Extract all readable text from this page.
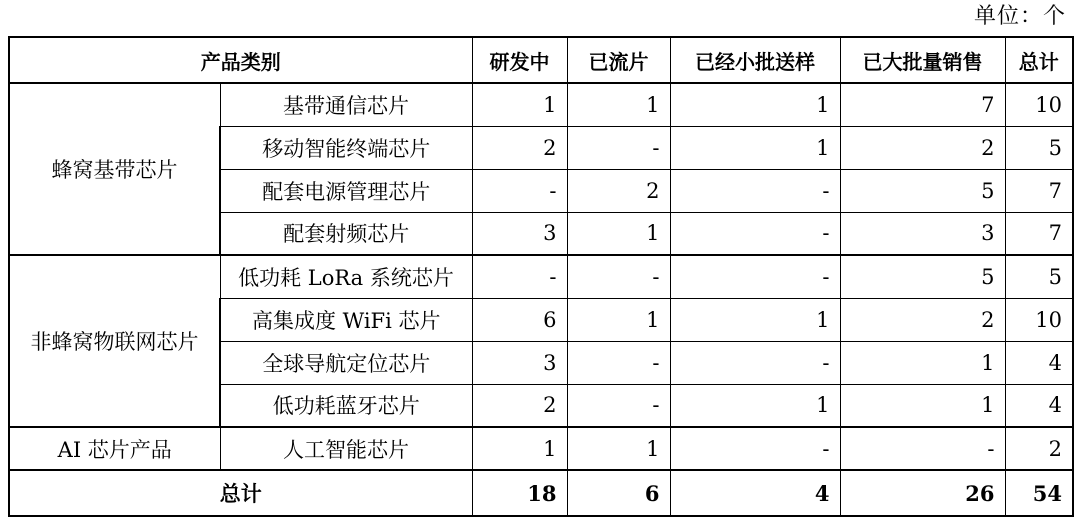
单位：个
产品类别		研发中	已流片	已经小批送样	已大批量销售	总计
蜂窝基带芯片	基带通信芯片	1	1	1	7	10
	移动智能终端芯片	2	-	1	2	5
	配套电源管理芯片	-	2	-	5	7
	配套射频芯片	3	1	-	3	7
非蜂窝物联网芯片	低功耗 LoRa 系统芯片	-	-	-	5	5
	高集成度 WiFi 芯片	6	1	1	2	10
	全球导航定位芯片	3	-	-	1	4
	低功耗蓝牙芯片	2	-	1	1	4
AI 芯片产品	人工智能芯片	1	1	-	-	2
总计		18	6	4	26	54
